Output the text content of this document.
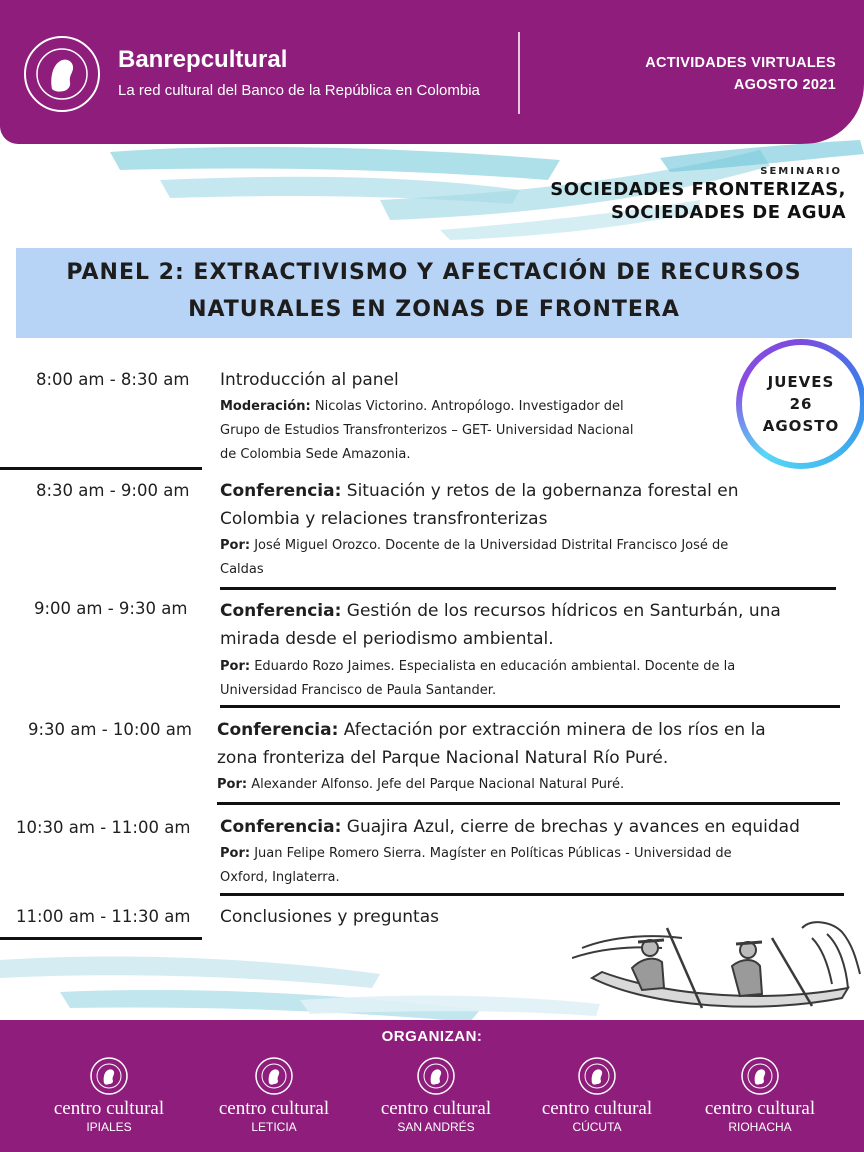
Banrepcultural
La red cultural del Banco de la República en Colombia
ACTIVIDADES VIRTUALES
AGOSTO 2021
SEMINARIO
SOCIEDADES FRONTERIZAS,
SOCIEDADES DE AGUA
PANEL 2: EXTRACTIVISMO Y AFECTACIÓN DE RECURSOS
NATURALES EN ZONAS DE FRONTERA
JUEVES
26
AGOSTO
8:00 am - 8:30 am Introducción al panel
Moderación: Nicolas Victorino. Antropólogo. Investigador del
Grupo de Estudios Transfronterizos – GET- Universidad Nacional
de Colombia Sede Amazonia.
8:30 am - 9:00 am Conferencia: Situación y retos de la gobernanza forestal en
Colombia y relaciones transfronterizas
Por: José Miguel Orozco. Docente de la Universidad Distrital Francisco José de
Caldas
9:00 am - 9:30 am Conferencia: Gestión de los recursos hídricos en Santurbán, una
mirada desde el periodismo ambiental.
Por: Eduardo Rozo Jaimes. Especialista en educación ambiental. Docente de la
Universidad Francisco de Paula Santander.
9:30 am - 10:00 am Conferencia: Afectación por extracción minera de los ríos en la
zona fronteriza del Parque Nacional Natural Río Puré.
Por: Alexander Alfonso. Jefe del Parque Nacional Natural Puré.
10:30 am - 11:00 am Conferencia: Guajira Azul, cierre de brechas y avances en equidad
Por: Juan Felipe Romero Sierra. Magíster en Políticas Públicas - Universidad de
Oxford, Inglaterra.
11:00 am - 11:30 am Conclusiones y preguntas
ORGANIZAN:
centro cultural
IPIALES
centro cultural
LETICIA
centro cultural
SAN ANDRÉS
centro cultural
CÚCUTA
centro cultural
RIOHACHA
